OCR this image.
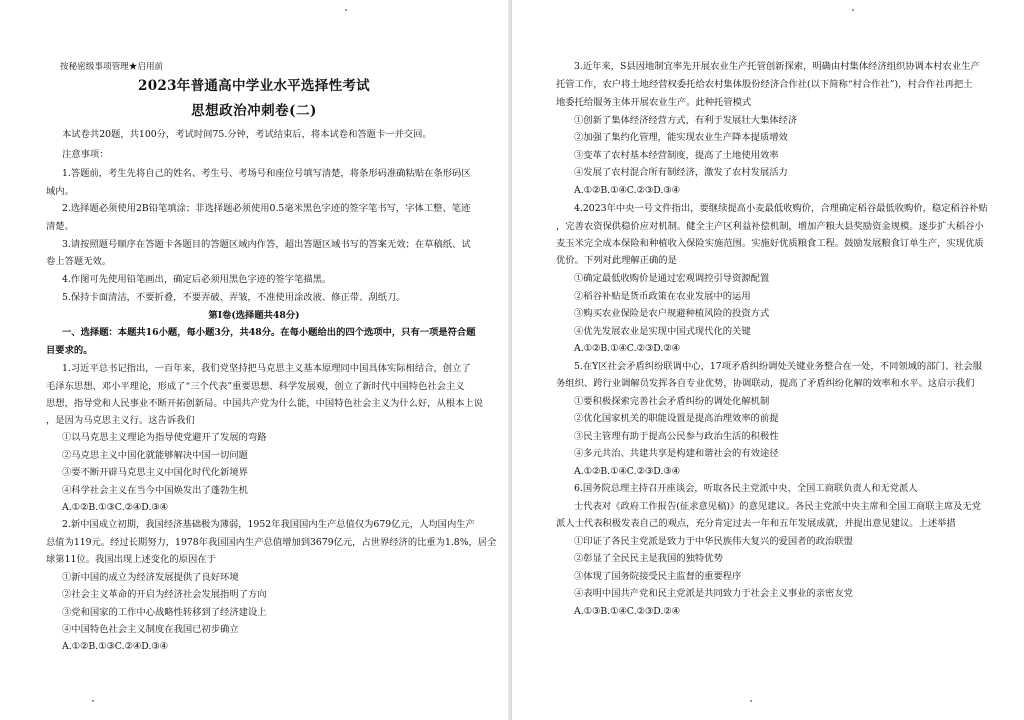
按秘密级事项管理★启用前
2023年普通高中学业水平选择性考试
思想政治冲刺卷(二)
本试卷共20题，共100分，考试时间75.分钟，考试结束后，将本试卷和答题卡一并交回。
注意事项：
1.答题前，考生先将自己的姓名、考生号、考场号和座位号填写清楚，将条形码准确粘贴在条形码区
域内。
2.选择题必须使用2B铅笔填涂；非选择题必须使用0.5毫米黑色字迹的签字笔书写，字体工整、笔迹
清楚。
3.请按照题号顺序在答题卡各题目的答题区域内作答，超出答题区域书写的答案无效；在草稿纸、试
卷上答题无效。
4.作图可先使用铅笔画出，确定后必须用黑色字迹的签字笔描黑。
5.保持卡面清洁，不要折叠，不要弄破、弄皱，不准使用涂改液、修正带、刮纸刀。
第Ⅰ卷(选择题共48分)
一、选择题：本题共16小题，每小题3分，共48分。在每小题给出的四个选项中，只有一项是符合题
目要求的。
1.习近平总书记指出，一百年来，我们党坚持把马克思主义基本原理同中国具体实际相结合，创立了
毛泽东思想、邓小平理论，形成了“三个代表”重要思想、科学发展观，创立了新时代中国特色社会主义
思想，指导党和人民事业不断开拓创新局。中国共产党为什么能，中国特色社会主义为什么好，从根本上说
，是因为马克思主义行。这告诉我们
①以马克思主义理论为指导使党避开了发展的弯路
②马克思主义中国化就能够解决中国一切问题
③要不断开辟马克思主义中国化时代化新境界
④科学社会主义在当今中国焕发出了蓬勃生机
A.①②B.①③C.②④D.③④
2.新中国成立初期，我国经济基础极为薄弱，1952年我国国内生产总值仅为679亿元，人均国内生产
总值为119元。经过长期努力，1978年我国国内生产总值增加到3679亿元，占世界经济的比重为1.8%，居全
球第11位。我国出现上述变化的原因在于
①新中国的成立为经济发展提供了良好环境
②社会主义革命的开启为经济社会发展指明了方向
③党和国家的工作中心战略性转移到了经济建设上
④中国特色社会主义制度在我国已初步确立
A.①②B.①③C.②④D.③④
3.近年来，S县因地制宜率先开展农业生产托管创新探索，明确由村集体经济组织协调本村农业生产
托管工作，农户将土地经营权委托给农村集体股份经济合作社(以下简称“村合作社”)，村合作社再把土
地委托给服务主体开展农业生产。此种托管模式
①创新了集体经济经营方式，有利于发展壮大集体经济
②加强了集约化管理，能实现农业生产降本提质增效
③变革了农村基本经营制度，提高了土地使用效率
④发展了农村混合所有制经济，激发了农村发展活力
A.①②B.①④C.②③D.③④
4.2023年中央一号文件指出，要继续提高小麦最低收购价，合理确定稻谷最低收购价，稳定稻谷补贴
，完善农资保供稳价应对机制。健全主产区利益补偿机制，增加产粮大县奖励资金规模。逐步扩大稻谷小
麦玉米完全成本保险和种植收入保险实施范围。实施好优质粮食工程。鼓励发展粮食订单生产，实现优质
优价。下列对此理解正确的是
①确定最低收购价是通过宏观调控引导资源配置
②稻谷补贴是货币政策在农业发展中的运用
③购买农业保险是农户规避种植风险的投资方式
④优先发展农业是实现中国式现代化的关键
A.①②B.①④C.②③D.②④
5.在Y区社会矛盾纠纷联调中心，17项矛盾纠纷调处关键业务整合在一处，不同领域的部门、社会服
务组织、跨行业调解员发挥各自专业优势，协调联动，提高了矛盾纠纷化解的效率和水平。这启示我们
①要积极探索完善社会矛盾纠纷的调处化解机制
②优化国家机关的职能设置是提高治理效率的前提
③民主管理有助于提高公民参与政治生活的积极性
④多元共治、共建共享是构建和谐社会的有效途径
A.①②B.①④C.②③D.③④
6.国务院总理主持召开座谈会，听取各民主党派中央、全国工商联负责人和无党派人
士代表对《政府工作报告(征求意见稿)》的意见建议。各民主党派中央主席和全国工商联主席及无党
派人士代表积极发表自己的观点，充分肯定过去一年和五年发展成就，并提出意见建议。上述举措
①印证了各民主党派是致力于中华民族伟大复兴的爱国者的政治联盟
②彰显了全民民主是我国的独特优势
③体现了国务院接受民主监督的重要程序
④表明中国共产党和民主党派是共同致力于社会主义事业的亲密友党
A.①③B.①④C.②③D.②④
